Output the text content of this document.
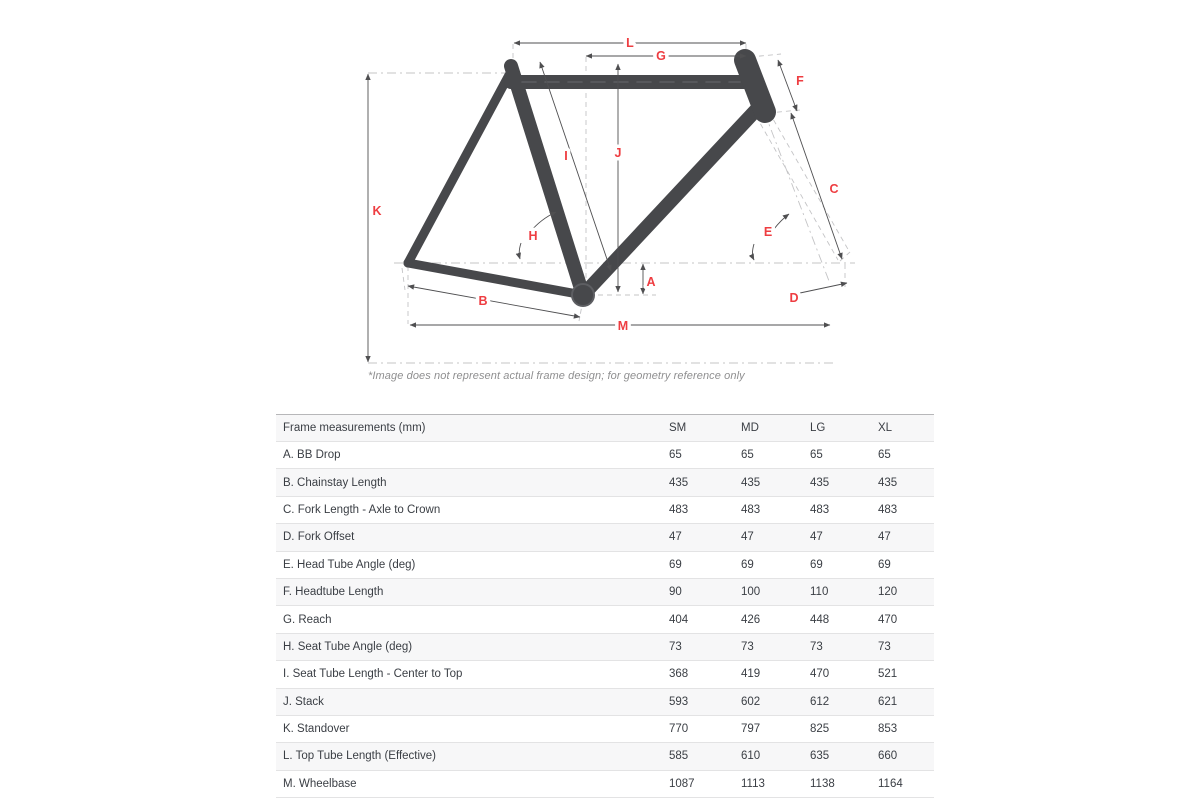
L
G
F
I	J
C
K
H	E
A
B	D
M
*Image does not represent actual frame design; for geometry reference only
Frame measurements (mm)	SM	MD	LG	XL
A. BB Drop	65	65	65	65
B. Chainstay Length	435	435	435	435
C. Fork Length - Axle to Crown	483	483	483	483
D. Fork Offset	47	47	47	47
E. Head Tube Angle (deg)	69	69	69	69
F. Headtube Length	90	100	110	120
G. Reach	404	426	448	470
H. Seat Tube Angle (deg)	73	73	73	73
I. Seat Tube Length - Center to Top	368	419	470	521
J. Stack	593	602	612	621
K. Standover	770	797	825	853
L. Top Tube Length (Effective)	585	610	635	660
M. Wheelbase	1087	1113	1138	1164
